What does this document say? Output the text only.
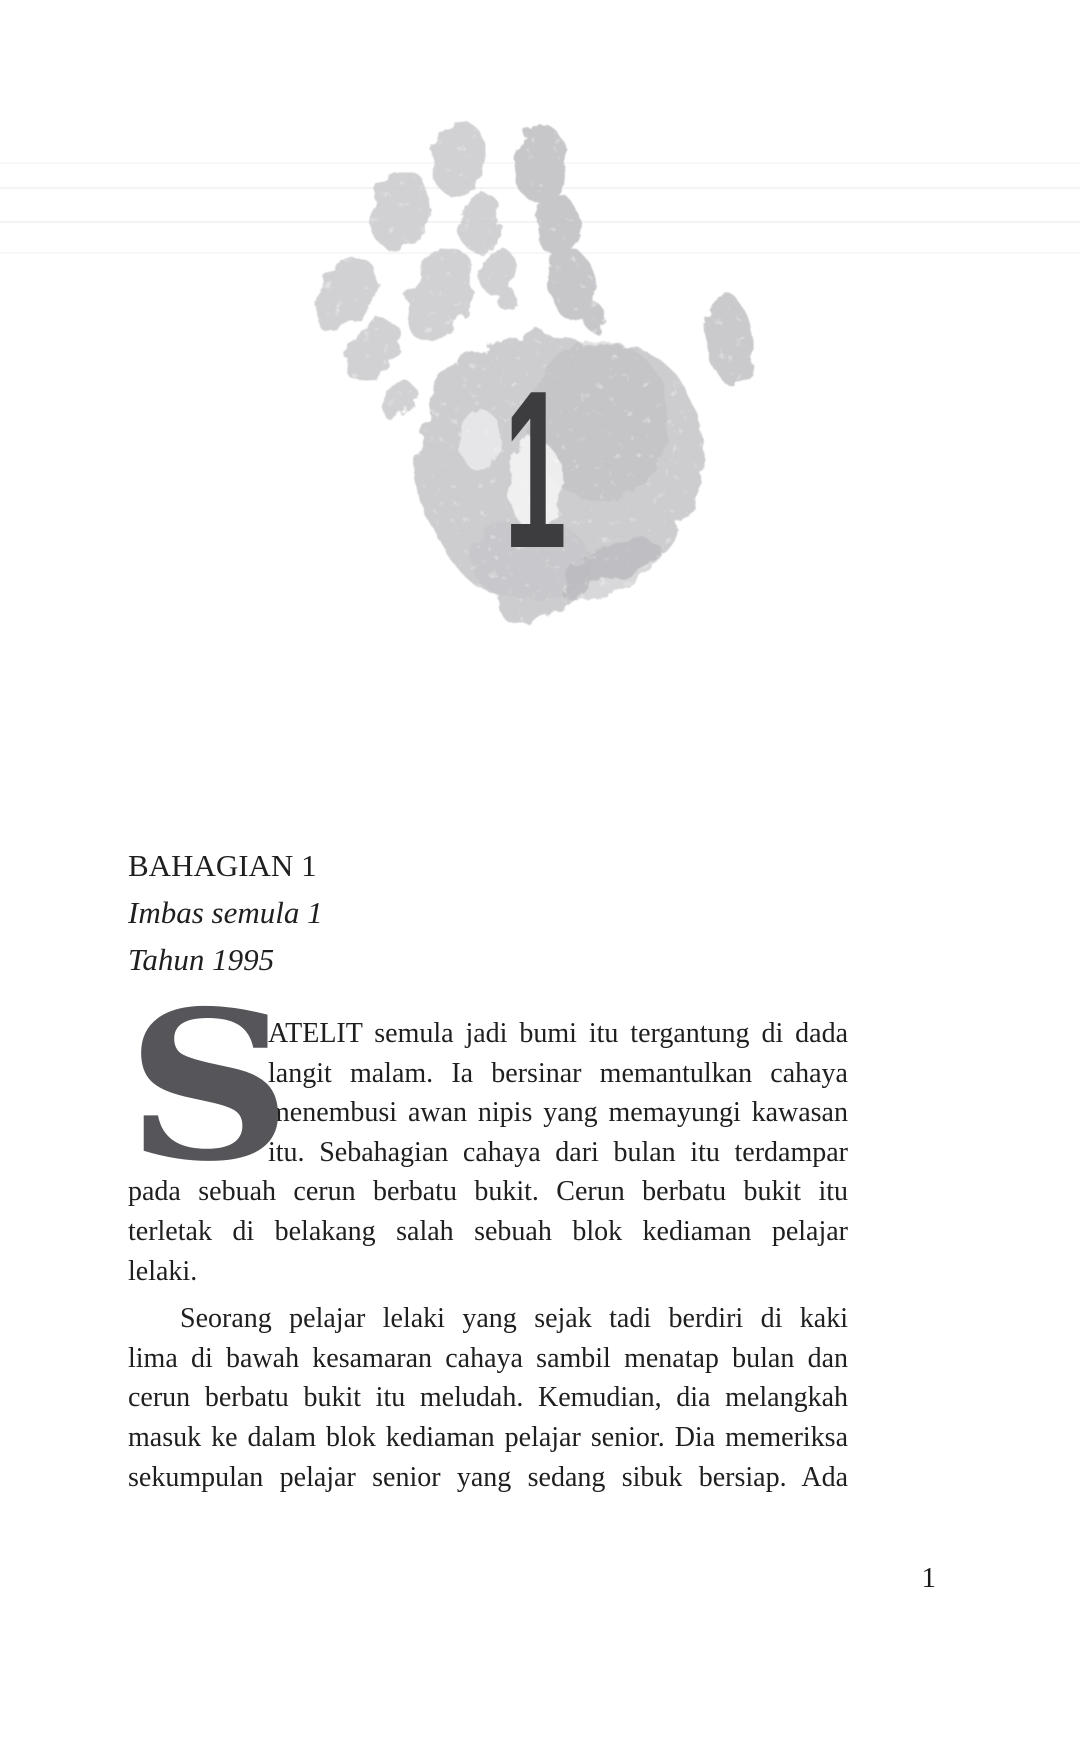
1
BAHAGIAN 1
Imbas semula 1
Tahun 1995
S
ATELIT semula jadi bumi itu tergantung di dada
langit malam. Ia bersinar memantulkan cahaya
menembusi awan nipis yang memayungi kawasan
itu. Sebahagian cahaya dari bulan itu terdampar
pada sebuah cerun berbatu bukit. Cerun berbatu bukit itu
terletak di belakang salah sebuah blok kediaman pelajar
lelaki.
Seorang pelajar lelaki yang sejak tadi berdiri di kaki
lima di bawah kesamaran cahaya sambil menatap bulan dan
cerun berbatu bukit itu meludah. Kemudian, dia melangkah
masuk ke dalam blok kediaman pelajar senior. Dia memeriksa
sekumpulan pelajar senior yang sedang sibuk bersiap. Ada
1
